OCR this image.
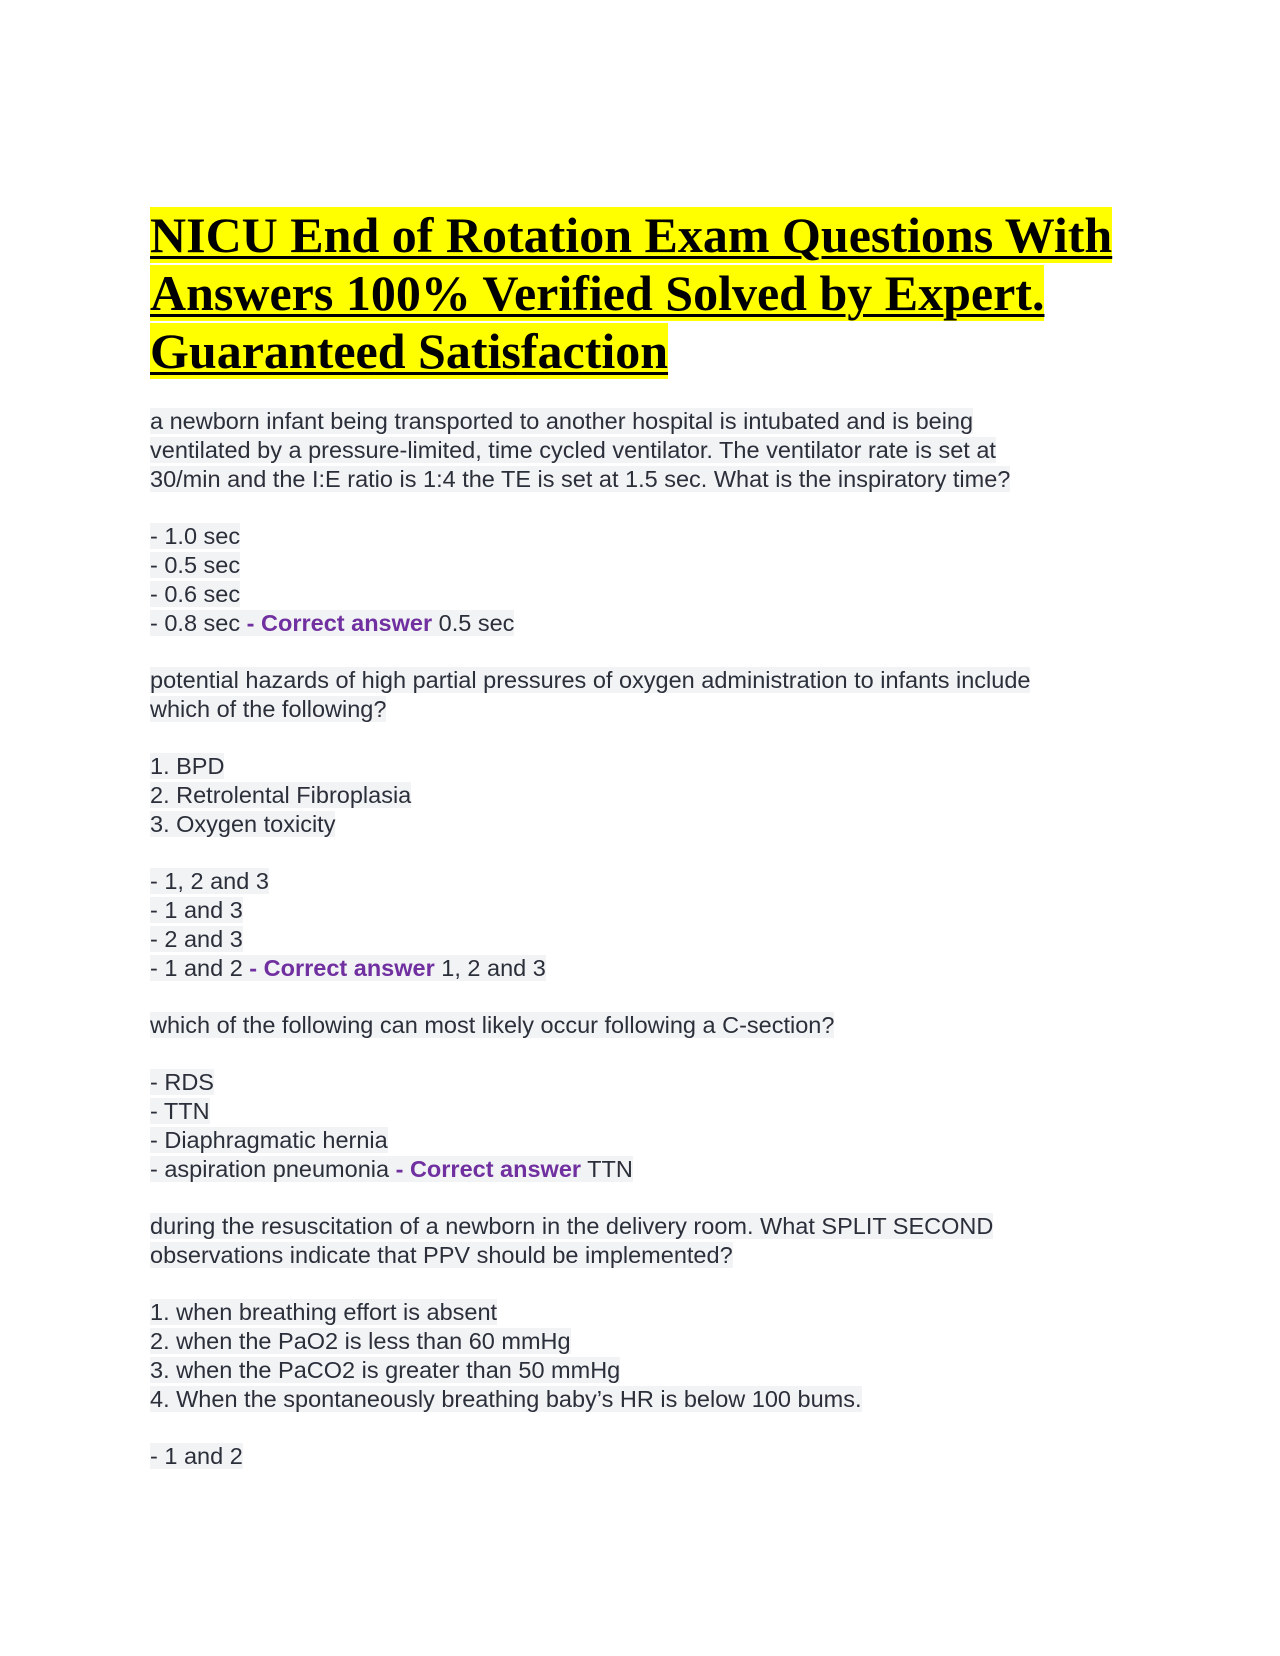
NICU End of Rotation Exam Questions With
Answers 100% Verified Solved by Expert.
Guaranteed Satisfaction
a newborn infant being transported to another hospital is intubated and is being
ventilated by a pressure-limited, time cycled ventilator. The ventilator rate is set at
30/min and the I:E ratio is 1:4 the TE is set at 1.5 sec. What is the inspiratory time?
- 1.0 sec
- 0.5 sec
- 0.6 sec
- 0.8 sec - Correct answer 0.5 sec
potential hazards of high partial pressures of oxygen administration to infants include
which of the following?
1. BPD
2. Retrolental Fibroplasia
3. Oxygen toxicity
- 1, 2 and 3
- 1 and 3
- 2 and 3
- 1 and 2 - Correct answer 1, 2 and 3
which of the following can most likely occur following a C-section?
- RDS
- TTN
- Diaphragmatic hernia
- aspiration pneumonia - Correct answer TTN
during the resuscitation of a newborn in the delivery room. What SPLIT SECOND
observations indicate that PPV should be implemented?
1. when breathing effort is absent
2. when the PaO2 is less than 60 mmHg
3. when the PaCO2 is greater than 50 mmHg
4. When the spontaneously breathing baby’s HR is below 100 bums.
- 1 and 2
